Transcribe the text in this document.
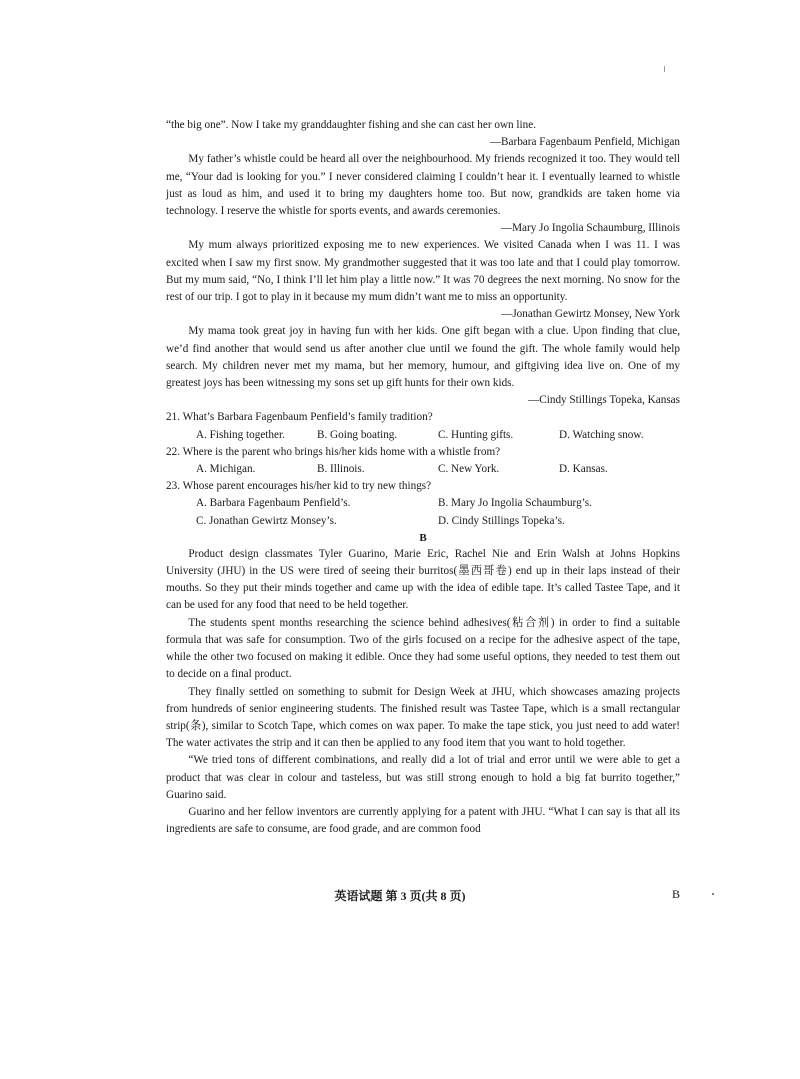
“the big one”. Now I take my granddaughter fishing and she can cast her own line.

—Barbara Fagenbaum Penfield, Michigan

My father’s whistle could be heard all over the neighbourhood. My friends recognized it too. They would tell me, “Your dad is looking for you.” I never considered claiming I couldn’t hear it. I eventually learned to whistle just as loud as him, and used it to bring my daughters home too. But now, grandkids are taken home via technology. I reserve the whistle for sports events, and awards ceremonies.

—Mary Jo Ingolia Schaumburg, Illinois

My mum always prioritized exposing me to new experiences. We visited Canada when I was 11. I was excited when I saw my first snow. My grandmother suggested that it was too late and that I could play tomorrow. But my mum said, “No, I think I’ll let him play a little now.” It was 70 degrees the next morning. No snow for the rest of our trip. I got to play in it because my mum didn’t want me to miss an opportunity.

—Jonathan Gewirtz Monsey, New York

My mama took great joy in having fun with her kids. One gift began with a clue. Upon finding that clue, we’d find another that would send us after another clue until we found the gift. The whole family would help search. My children never met my mama, but her memory, humour, and giftgiving idea live on. One of my greatest joys has been witnessing my sons set up gift hunts for their own kids.

—Cindy Stillings Topeka, Kansas

21. What’s Barbara Fagenbaum Penfield’s family tradition?

A. Fishing together.	B. Going boating.	C. Hunting gifts.	D. Watching snow.

22. Where is the parent who brings his/her kids home with a whistle from?

A. Michigan.	B. Illinois.	C. New York.	D. Kansas.

23. Whose parent encourages his/her kid to try new things?

A. Barbara Fagenbaum Penfield’s.	B. Mary Jo Ingolia Schaumburg’s.
C. Jonathan Gewirtz Monsey’s.	D. Cindy Stillings Topeka’s.

B

Product design classmates Tyler Guarino, Marie Eric, Rachel Nie and Erin Walsh at Johns Hopkins University (JHU) in the US were tired of seeing their burritos(墨西哥卷) end up in their laps instead of their mouths. So they put their minds together and came up with the idea of edible tape. It’s called Tastee Tape, and it can be used for any food that need to be held together.

The students spent months researching the science behind adhesives(粘合剂) in order to find a suitable formula that was safe for consumption. Two of the girls focused on a recipe for the adhesive aspect of the tape, while the other two focused on making it edible. Once they had some useful options, they needed to test them out to decide on a final product.

They finally settled on something to submit for Design Week at JHU, which showcases amazing projects from hundreds of senior engineering students. The finished result was Tastee Tape, which is a small rectangular strip(条), similar to Scotch Tape, which comes on wax paper. To make the tape stick, you just need to add water! The water activates the strip and it can then be applied to any food item that you want to hold together.

“We tried tons of different combinations, and really did a lot of trial and error until we were able to get a product that was clear in colour and tasteless, but was still strong enough to hold a big fat burrito together,” Guarino said.

Guarino and her fellow inventors are currently applying for a patent with JHU. “What I can say is that all its ingredients are safe to consume, are food grade, and are common food

英语试题 第 3 页(共 8 页)	B
